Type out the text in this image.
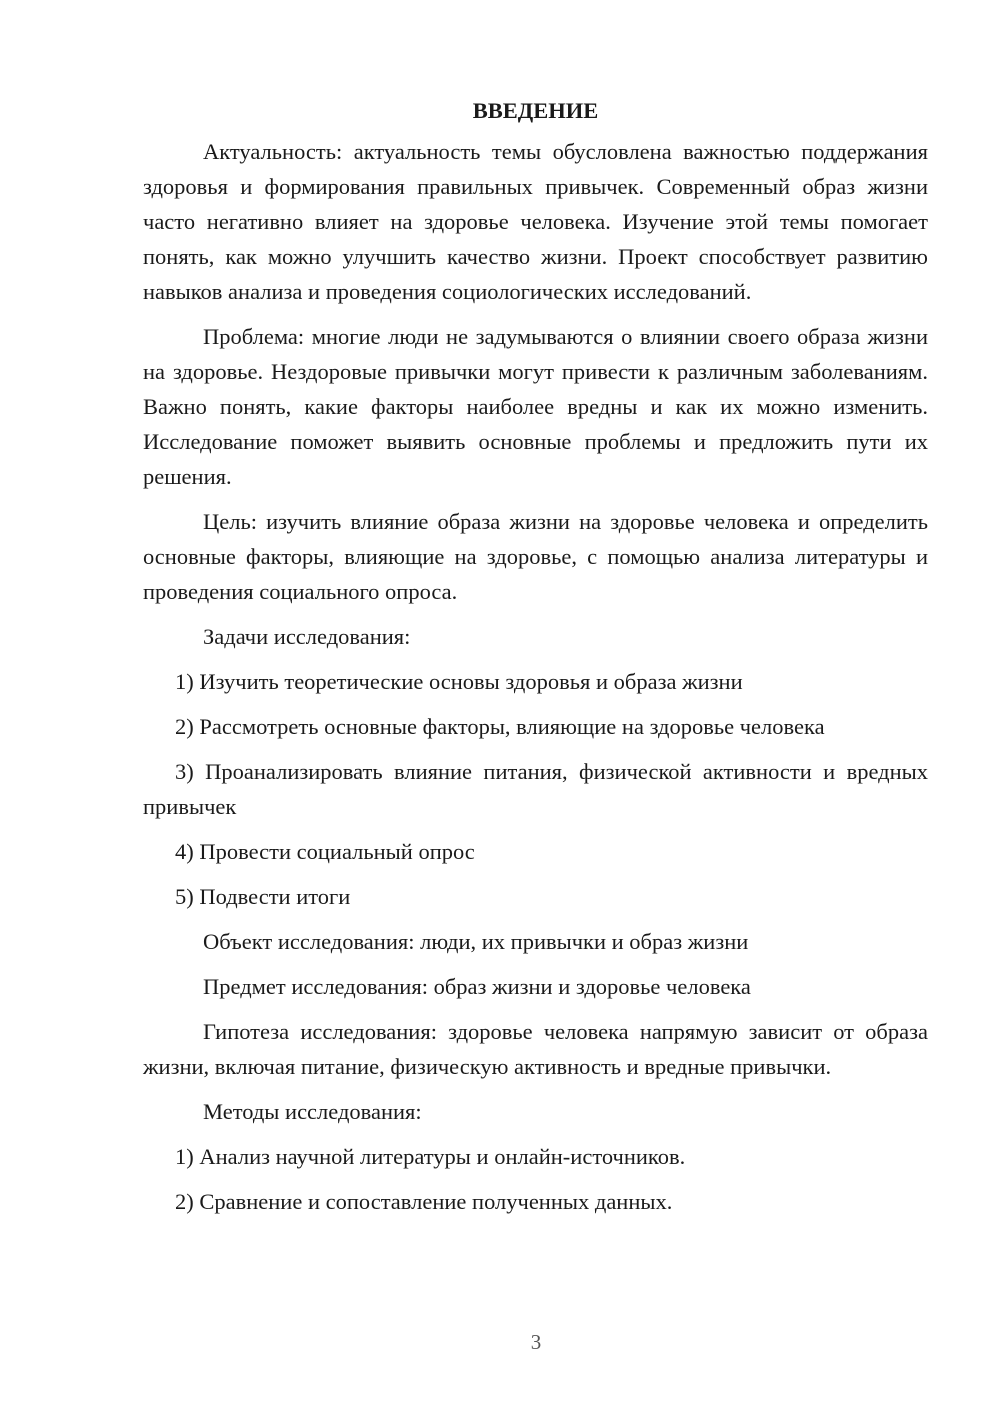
ВВЕДЕНИЕ

Актуальность: актуальность темы обусловлена важностью поддержания здоровья и формирования правильных привычек. Современный образ жизни часто негативно влияет на здоровье человека. Изучение этой темы помогает понять, как можно улучшить качество жизни. Проект способствует развитию навыков анализа и проведения социологических исследований.

Проблема: многие люди не задумываются о влиянии своего образа жизни на здоровье. Нездоровые привычки могут привести к различным заболеваниям. Важно понять, какие факторы наиболее вредны и как их можно изменить. Исследование поможет выявить основные проблемы и предложить пути их решения.

Цель: изучить влияние образа жизни на здоровье человека и определить основные факторы, влияющие на здоровье, с помощью анализа литературы и проведения социального опроса.

Задачи исследования:

1) Изучить теоретические основы здоровья и образа жизни

2) Рассмотреть основные факторы, влияющие на здоровье человека

3) Проанализировать влияние питания, физической активности и вредных привычек

4) Провести социальный опрос

5) Подвести итоги

Объект исследования: люди, их привычки и образ жизни

Предмет исследования: образ жизни и здоровье человека

Гипотеза исследования: здоровье человека напрямую зависит от образа жизни, включая питание, физическую активность и вредные привычки.

Методы исследования:

1) Анализ научной литературы и онлайн-источников.

2) Сравнение и сопоставление полученных данных.

3
